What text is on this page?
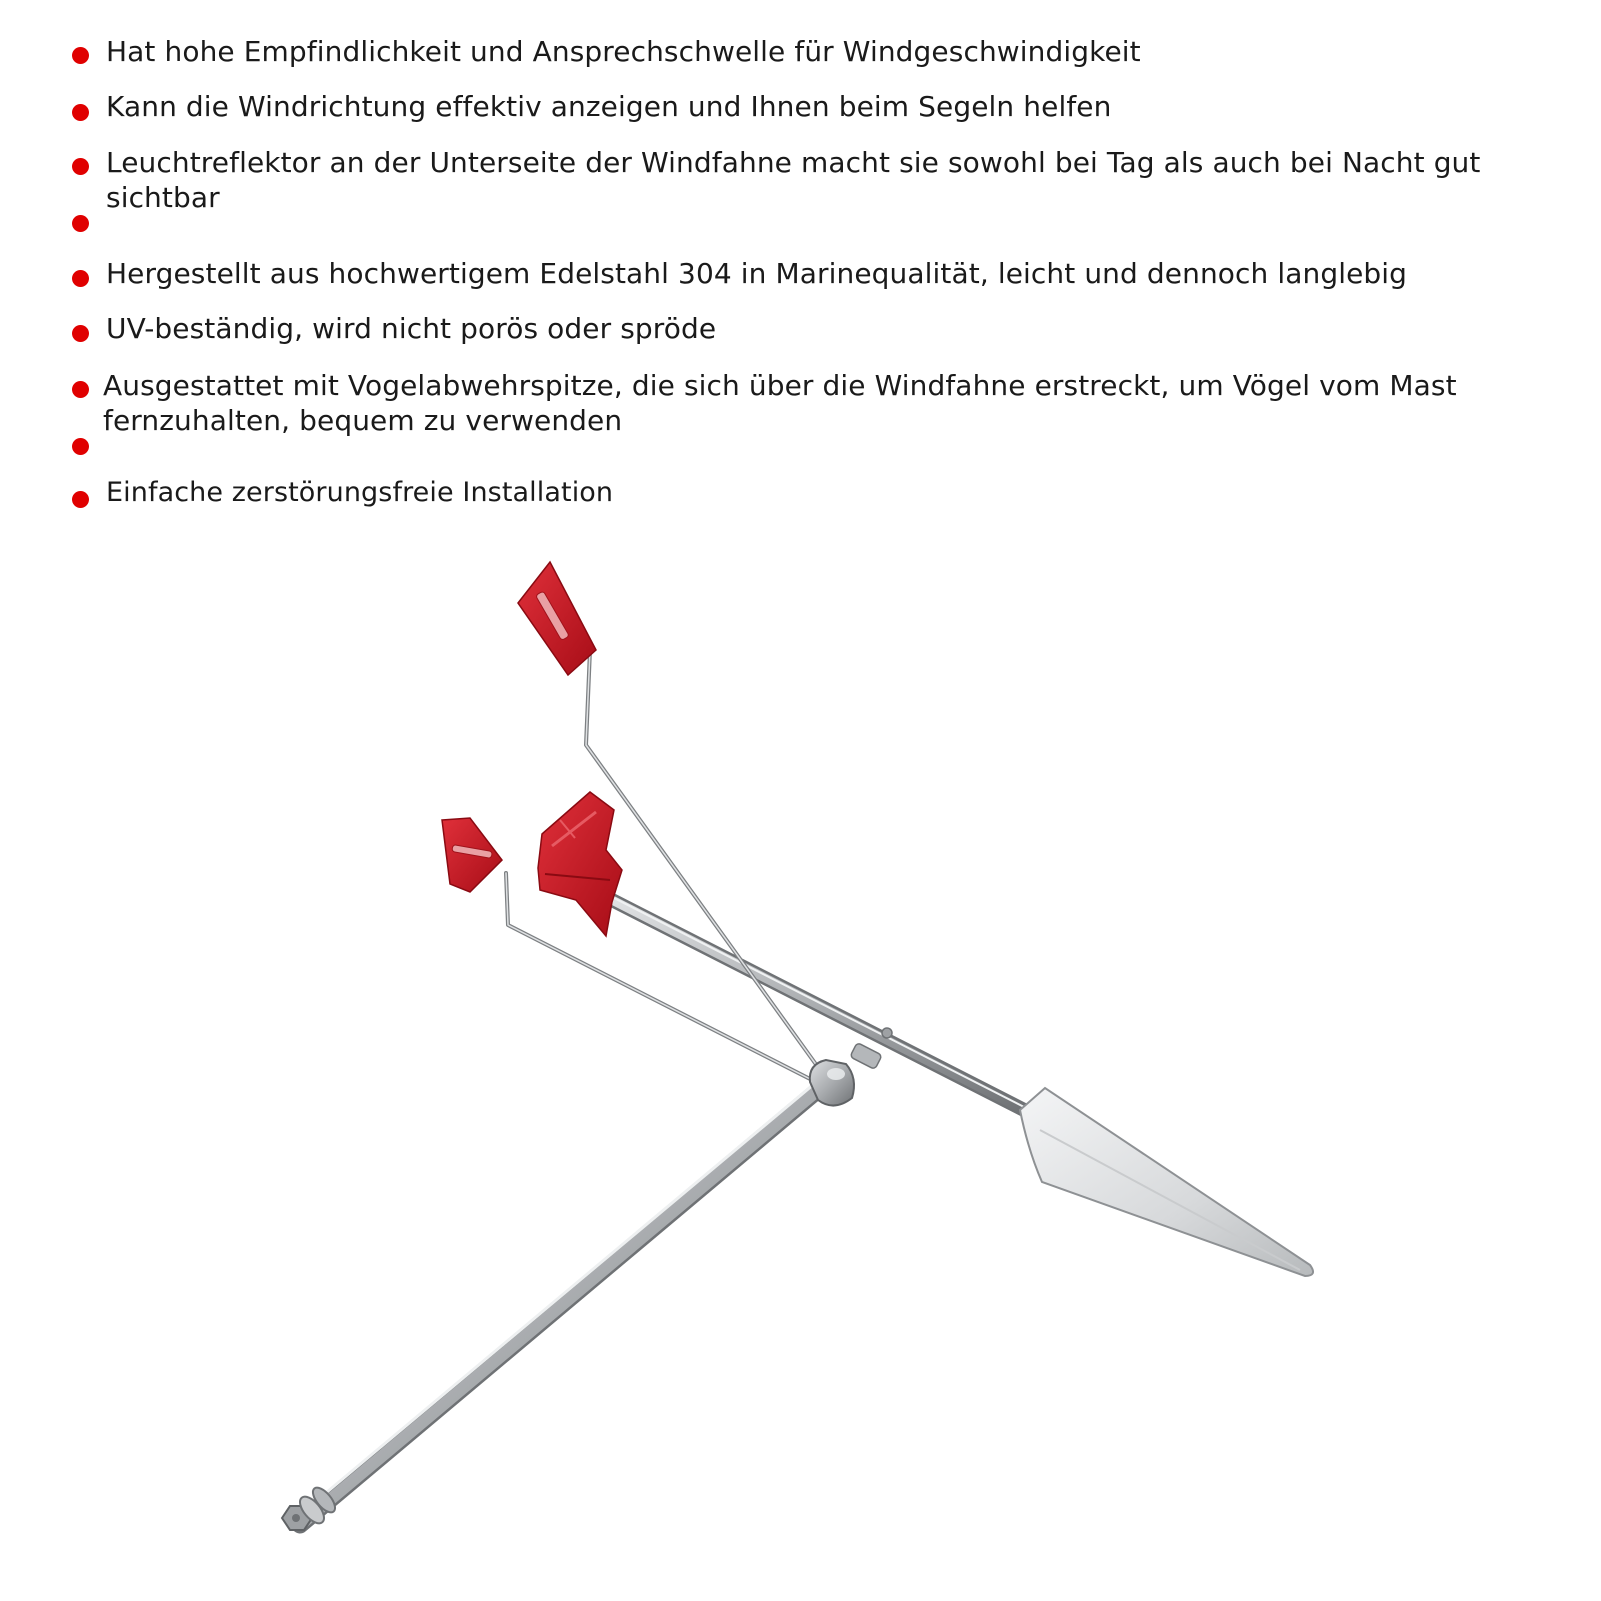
Hat hohe Empfindlichkeit und Ansprechschwelle für Windgeschwindigkeit
Kann die Windrichtung effektiv anzeigen und Ihnen beim Segeln helfen
Leuchtreflektor an der Unterseite der Windfahne macht sie sowohl bei Tag als auch bei Nacht gut sichtbar
Hergestellt aus hochwertigem Edelstahl 304 in Marinequalität, leicht und dennoch langlebig
UV-beständig, wird nicht porös oder spröde
Ausgestattet mit Vogelabwehrspitze, die sich über die Windfahne erstreckt, um Vögel vom Mast fernzuhalten, bequem zu verwenden
Einfache zerstörungsfreie Installation
